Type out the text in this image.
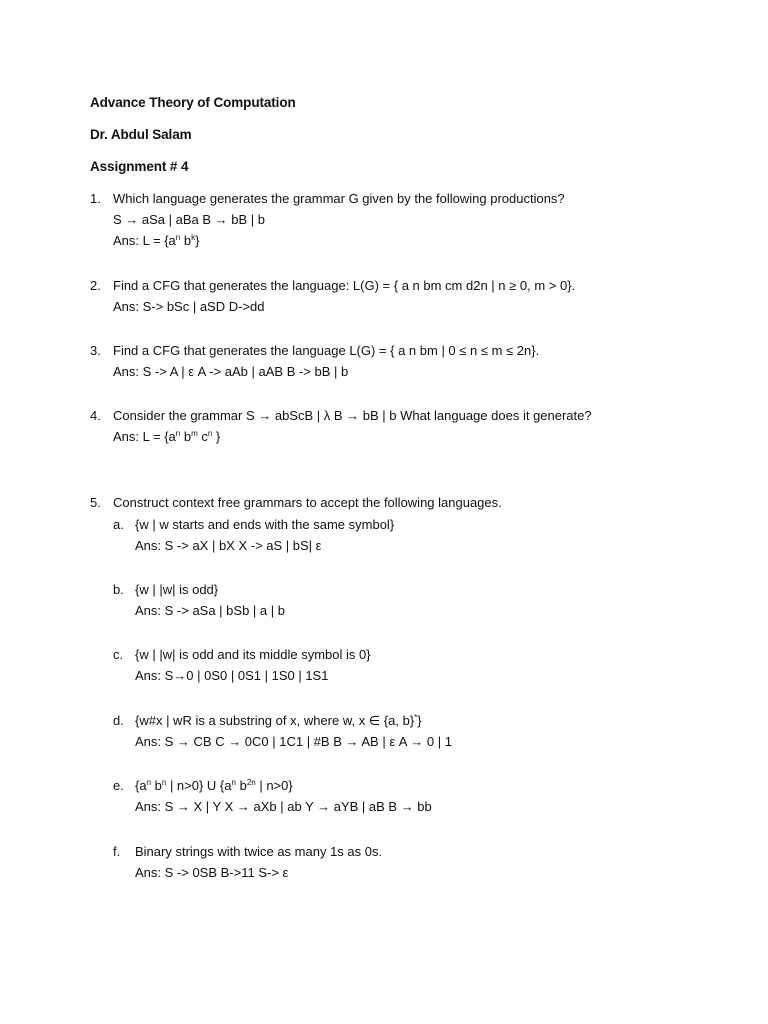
Advance Theory of Computation
Dr. Abdul Salam
Assignment # 4
1. Which language generates the grammar G given by the following productions?
S → aSa | aBa B → bB | b
Ans: $L = \{a^n$ $b^k$}
2. Find a CFG that generates the language: L(G) = { a n bm cm d2n | n ≥ 0, m > 0}.
Ans: S-> bSc | aSD D->dd
3. Find a CFG that generates the language L(G) = { a n bm | 0 ≤ n ≤ m ≤ 2n}.
Ans: S -> A | ε A -> aAb | aAB B -> bB | b
4. Consider the grammar S → abScB | λ B → bB | b What language does it generate?
Ans: $L = \{a^n$ $b^m$ $c^n$ }
5. Construct context free grammars to accept the following languages.
a. {w | w starts and ends with the same symbol}
Ans: S -> aX | bX X -> aS | bS| ε
b. {w | |w| is odd}
Ans: S -> aSa | bSb | a | b
c. {w | |w| is odd and its middle symbol is 0}
Ans: S→0 | 0S0 | 0S1 | 1S0 | 1S1
d. {w#x | wR is a substring of x, where w, x ∈ {a, b}*}
Ans: S → CB C → 0C0 | 1C1 | #B B → AB | ε A → 0 | 1
e. {$a^n$ $b^n$ | n>0} U {$a^n$ $b^{2n}$ | n>0}
Ans: S → X | Y X → aXb | ab Y → aYB | aB B → bb
f. Binary strings with twice as many 1s as 0s.
Ans: S -> 0SB B->11 S-> ε
